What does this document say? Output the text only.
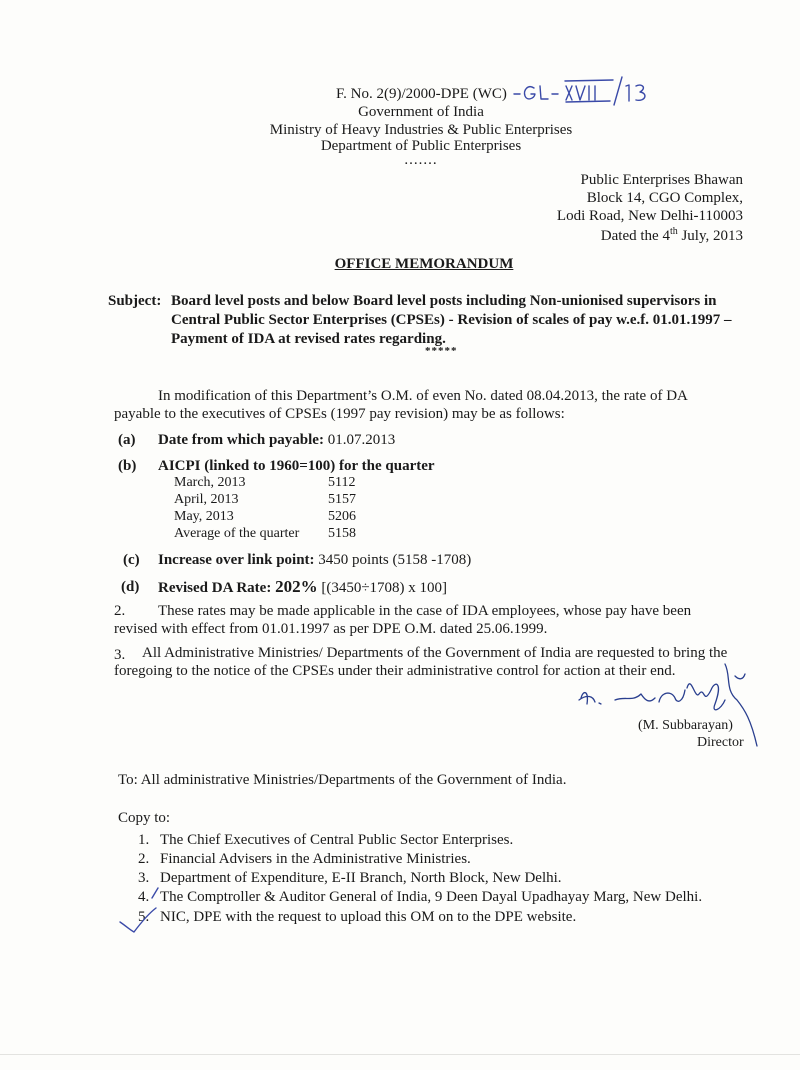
F. No. 2(9)/2000-DPE (WC)
Government of India
Ministry of Heavy Industries & Public Enterprises
Department of Public Enterprises
.......
Public Enterprises Bhawan
Block 14, CGO Complex,
Lodi Road, New Delhi-110003
Dated the 4th July, 2013
OFFICE MEMORANDUM
Subject: Board level posts and below Board level posts including Non-unionised supervisors in Central Public Sector Enterprises (CPSEs) - Revision of scales of pay w.e.f. 01.01.1997 – Payment of IDA at revised rates regarding.
*****
In modification of this Department’s O.M. of even No. dated 08.04.2013, the rate of DA
payable to the executives of CPSEs (1997 pay revision) may be as follows:
(a) Date from which payable: 01.07.2013
(b) AICPI (linked to 1960=100) for the quarter
March, 2013	5112
April, 2013	5157
May, 2013	5206
Average of the quarter 5158
(c) Increase over link point: 3450 points (5158 -1708)
(d) Revised DA Rate: 202% [(3450÷1708) x 100]
2. These rates may be made applicable in the case of IDA employees, whose pay have been
revised with effect from 01.01.1997 as per DPE O.M. dated 25.06.1999.
3. All Administrative Ministries/ Departments of the Government of India are requested to bring the
foregoing to the notice of the CPSEs under their administrative control for action at their end.
(M. Subbarayan)
Director
To: All administrative Ministries/Departments of the Government of India.
Copy to:
1. The Chief Executives of Central Public Sector Enterprises.
2. Financial Advisers in the Administrative Ministries.
3. Department of Expenditure, E-II Branch, North Block, New Delhi.
4. The Comptroller & Auditor General of India, 9 Deen Dayal Upadhayay Marg, New Delhi.
5. NIC, DPE with the request to upload this OM on to the DPE website.
